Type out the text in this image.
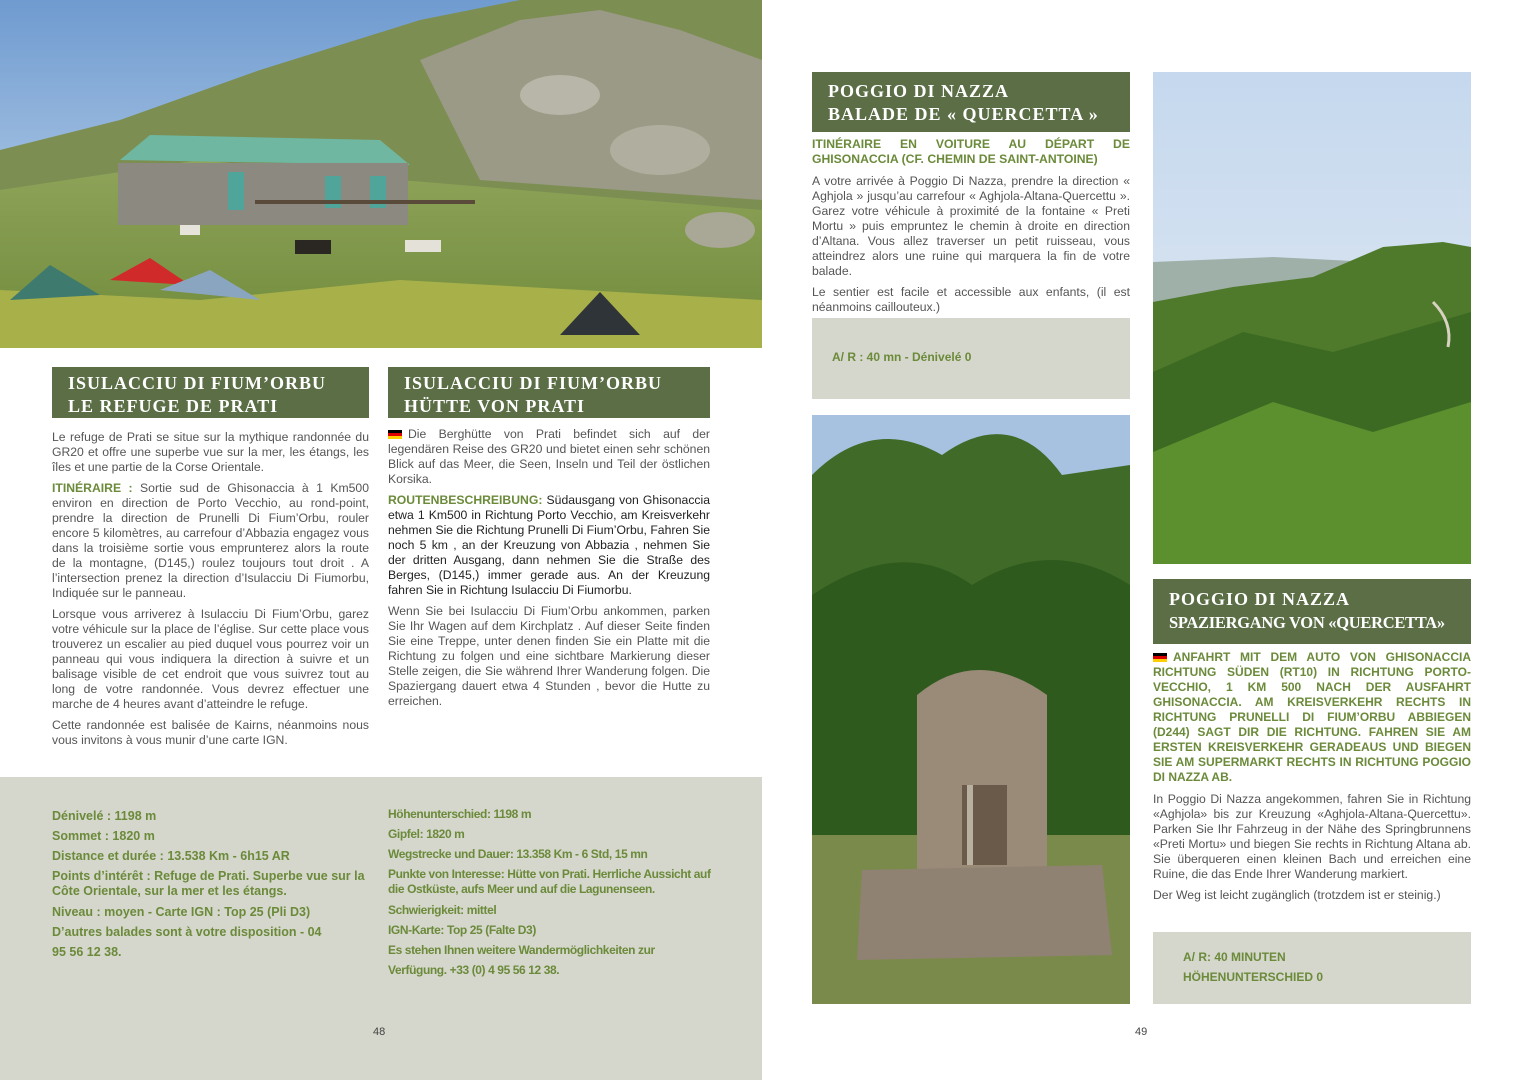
ISULACCIU DI FIUM’ORBU
LE REFUGE DE PRATI
ISULACCIU DI FIUM’ORBU
HÜTTE VON PRATI

Le refuge de Prati se situe sur la mythique randonnée du GR20 et offre une superbe vue sur la mer, les étangs, les îles et une partie de la Corse Orientale.

ITINÉRAIRE : Sortie sud de Ghisonaccia à 1 Km500 environ en direction de Porto Vecchio, au rond-point, prendre la direction de Prunelli Di Fium’Orbu, rouler encore 5 kilomètres, au carrefour d’Abbazia engagez vous dans la troisième sortie vous emprunterez alors la route de la montagne, (D145,) roulez toujours tout droit . A l’intersection prenez la direction d’Isulacciu Di Fiumorbu, Indiquée sur le panneau.

Lorsque vous arriverez à Isulacciu Di Fium’Orbu, garez votre véhicule sur la place de l’église. Sur cette place vous trouverez un escalier au pied duquel vous pourrez voir un panneau qui vous indiquera la direction à suivre et un balisage visible de cet endroit que vous suivrez tout au long de votre randonnée. Vous devrez effectuer une marche de 4 heures avant d’atteindre le refuge.

Cette randonnée est balisée de Kairns, néanmoins nous vous invitons à vous munir d’une carte IGN.

Die Berghütte von Prati befindet sich auf der legendären Reise des GR20 und bietet einen sehr schönen Blick auf das Meer, die Seen, Inseln und Teil der östlichen Korsika.

ROUTENBESCHREIBUNG: Südausgang von Ghisonaccia etwa 1 Km500 in Richtung Porto Vecchio, am Kreisverkehr nehmen Sie die Richtung Prunelli Di Fium’Orbu, Fahren Sie noch 5 km , an der Kreuzung von Abbazia , nehmen Sie der dritten Ausgang, dann nehmen Sie die Straße des Berges, (D145,) immer gerade aus. An der Kreuzung fahren Sie in Richtung Isulacciu Di Fiumorbu.

Wenn Sie bei Isulacciu Di Fium’Orbu ankommen, parken Sie Ihr Wagen auf dem Kirchplatz . Auf dieser Seite finden Sie eine Treppe, unter denen finden Sie ein Platte mit die Richtung zu folgen und eine sichtbare Markierung dieser Stelle zeigen, die Sie während Ihrer Wanderung folgen. Die Spaziergang dauert etwa 4 Stunden , bevor die Hutte zu erreichen.

Dénivelé : 1198 m
Sommet : 1820 m
Distance et durée : 13.538 Km - 6h15 AR
Points d’intérêt : Refuge de Prati. Superbe vue sur la Côte Orientale, sur la mer et les étangs.
Niveau : moyen - Carte IGN : Top 25 (Pli D3)
D’autres balades sont à votre disposition - 04 95 56 12 38.
Höhenunterschied: 1198 m
Gipfel: 1820 m
Wegstrecke und Dauer: 13.358 Km - 6 Std, 15 mn
Punkte von Interesse: Hütte von Prati. Herrliche Aussicht auf die Ostküste, aufs Meer und auf die Lagunenseen.
Schwierigkeit: mittel
IGN-Karte: Top 25 (Falte D3)
Es stehen Ihnen weitere Wandermöglichkeiten zur Verfügung. +33 (0) 4 95 56 12 38.
48
POGGIO DI NAZZA
BALADE DE « QUERCETTA »
ITINÉRAIRE EN VOITURE AU DÉPART DE GHISONACCIA (CF. CHEMIN DE SAINT-ANTOINE)

A votre arrivée à Poggio Di Nazza, prendre la direction « Aghjola » jusqu’au carrefour « Aghjola-Altana-Quercettu ». Garez votre véhicule à proximité de la fontaine « Preti Mortu » puis empruntez le chemin à droite en direction d’Altana. Vous allez traverser un petit ruisseau, vous atteindrez alors une ruine qui marquera la fin de votre balade.

Le sentier est facile et accessible aux enfants, (il est néanmoins caillouteux.)

A/ R : 40 mn - Dénivelé 0
POGGIO DI NAZZA
SPAZIERGANG VON «QUERCETTA»
ANFAHRT MIT DEM AUTO VON GHISONACCIA RICHTUNG SÜDEN (RT10) IN RICHTUNG PORTO-VECCHIO, 1 KM 500 NACH DER AUSFAHRT GHISONACCIA. AM KREISVERKEHR RECHTS IN RICHTUNG PRUNELLI DI FIUM’ORBU ABBIEGEN (D244) SAGT DIR DIE RICHTUNG. FAHREN SIE AM ERSTEN KREISVERKEHR GERADEAUS UND BIEGEN SIE AM SUPERMARKT RECHTS IN RICHTUNG POGGIO DI NAZZA AB.

In Poggio Di Nazza angekommen, fahren Sie in Richtung «Aghjola» bis zur Kreuzung «Aghjola-Altana-Quercettu». Parken Sie Ihr Fahrzeug in der Nähe des Springbrunnens «Preti Mortu» und biegen Sie rechts in Richtung Altana ab. Sie überqueren einen kleinen Bach und erreichen eine Ruine, die das Ende Ihrer Wanderung markiert.

Der Weg ist leicht zugänglich (trotzdem ist er steinig.)

A/ R: 40 MINUTEN
HÖHENUNTERSCHIED 0
49
